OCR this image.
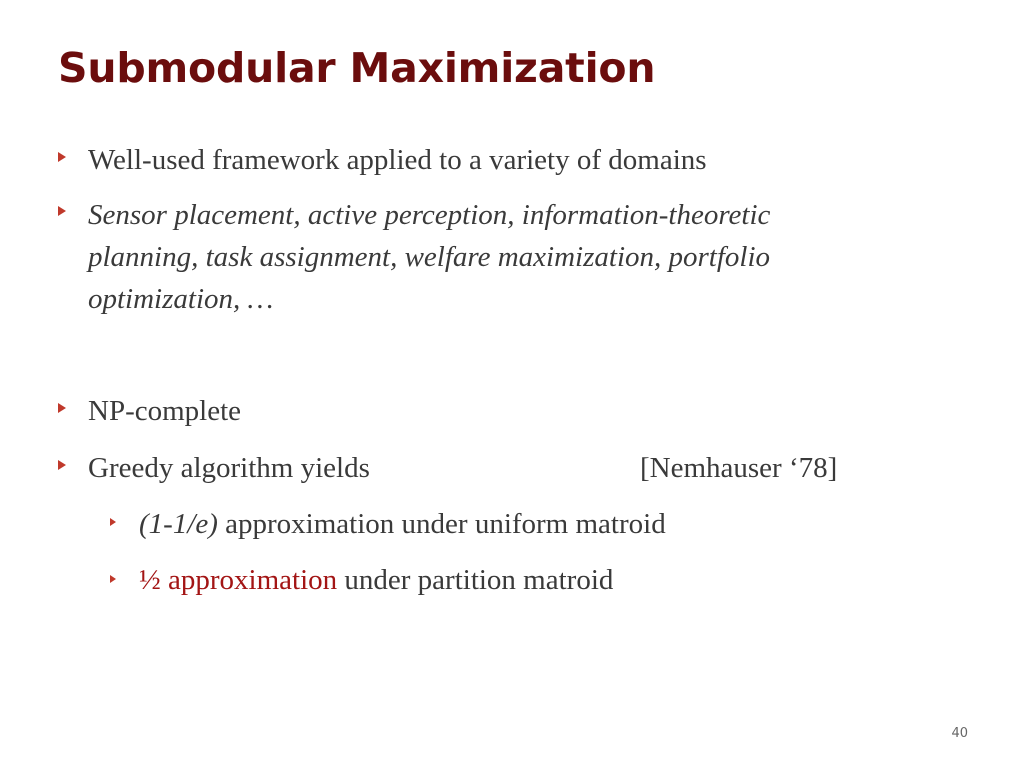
Submodular Maximization
Well-used framework applied to a variety of domains
Sensor placement, active perception, information-theoretic
planning, task assignment, welfare maximization, portfolio
optimization, …
NP-complete
Greedy algorithm yields	[Nemhauser ‘78]
(1-1/e) approximation under uniform matroid
½ approximation under partition matroid
40
